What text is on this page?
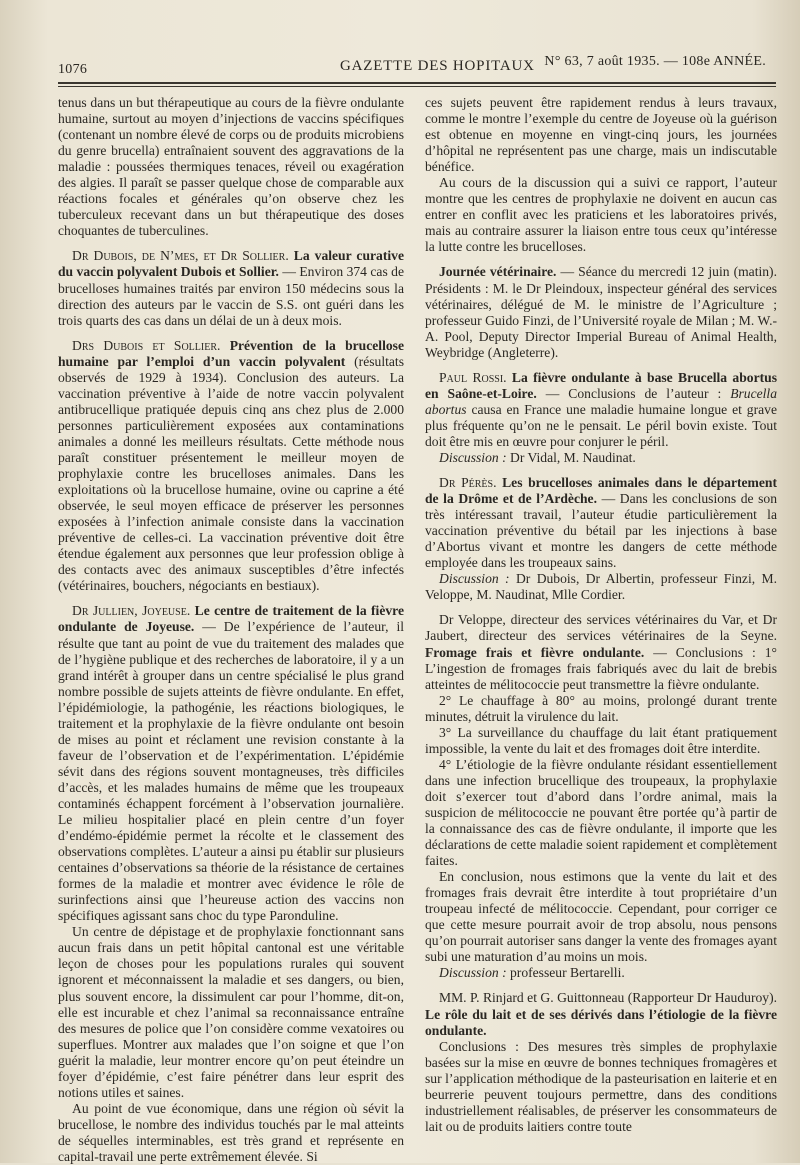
1076	GAZETTE DES HOPITAUX N° 63, 7 août 1935. — 108e ANNÉE.

tenus dans un but thérapeutique au cours de la fièvre ondulante humaine, surtout au moyen d’injections de vaccins spécifiques (contenant un nombre élevé de corps ou de produits microbiens du genre brucella) entraînaient souvent des aggravations de la maladie : poussées thermiques tenaces, réveil ou exagération des algies. Il paraît se passer quelque chose de comparable aux réactions focales et générales qu’on observe chez les tuberculeux recevant dans un but thérapeutique des doses choquantes de tuberculines.

Dr Dubois, de N’mes, et Dr Sollier. La valeur curative du vaccin polyvalent Dubois et Sollier. — Environ 374 cas de brucelloses humaines traités par environ 150 médecins sous la direction des auteurs par le vaccin de S.S. ont guéri dans les trois quarts des cas dans un délai de un à deux mois.

Drs Dubois et Sollier. Prévention de la brucellose humaine par l’emploi d’un vaccin polyvalent (résultats observés de 1929 à 1934). Conclusion des auteurs. La vaccination préventive à l’aide de notre vaccin polyvalent antibrucellique pratiquée depuis cinq ans chez plus de 2.000 personnes particulièrement exposées aux contaminations animales a donné les meilleurs résultats. Cette méthode nous paraît constituer présentement le meilleur moyen de prophylaxie contre les brucelloses animales. Dans les exploitations où la brucellose humaine, ovine ou caprine a été observée, le seul moyen efficace de préserver les personnes exposées à l’infection animale consiste dans la vaccination préventive de celles-ci. La vaccination préventive doit être étendue également aux personnes que leur profession oblige à des contacts avec des animaux susceptibles d’être infectés (vétérinaires, bouchers, négociants en bestiaux).

Dr Jullien, Joyeuse. Le centre de traitement de la fièvre ondulante de Joyeuse. — De l’expérience de l’auteur, il résulte que tant au point de vue du traitement des malades que de l’hygiène publique et des recherches de laboratoire, il y a un grand intérêt à grouper dans un centre spécialisé le plus grand nombre possible de sujets atteints de fièvre ondulante. En effet, l’épidémiologie, la pathogénie, les réactions biologiques, le traitement et la prophylaxie de la fièvre ondulante ont besoin de mises au point et réclament une revision constante à la faveur de l’observation et de l’expérimentation. L’épidémie sévit dans des régions souvent montagneuses, très difficiles d’accès, et les malades humains de même que les troupeaux contaminés échappent forcément à l’observation journalière. Le milieu hospitalier placé en plein centre d’un foyer d’endémo-épidémie permet la récolte et le classement des observations complètes. L’auteur a ainsi pu établir sur plusieurs centaines d’observations sa théorie de la résistance de certaines formes de la maladie et montrer avec évidence le rôle de surinfections ainsi que l’heureuse action des vaccins non spécifiques agissant sans choc du type Paronduline.

Un centre de dépistage et de prophylaxie fonctionnant sans aucun frais dans un petit hôpital cantonal est une véritable leçon de choses pour les populations rurales qui souvent ignorent et méconnaissent la maladie et ses dangers, ou bien, plus souvent encore, la dissimulent car pour l’homme, dit-on, elle est incurable et chez l’animal sa reconnaissance entraîne des mesures de police que l’on considère comme vexatoires ou superflues. Montrer aux malades que l’on soigne et que l’on guérit la maladie, leur montrer encore qu’on peut éteindre un foyer d’épidémie, c’est faire pénétrer dans leur esprit des notions utiles et saines.

Au point de vue économique, dans une région où sévit la brucellose, le nombre des individus touchés par le mal atteints de séquelles interminables, est très grand et représente en capital-travail une perte extrêmement élevée. Si

ces sujets peuvent être rapidement rendus à leurs travaux, comme le montre l’exemple du centre de Joyeuse où la guérison est obtenue en moyenne en vingt-cinq jours, les journées d’hôpital ne représentent pas une charge, mais un indiscutable bénéfice.

Au cours de la discussion qui a suivi ce rapport, l’auteur montre que les centres de prophylaxie ne doivent en aucun cas entrer en conflit avec les praticiens et les laboratoires privés, mais au contraire assurer la liaison entre tous ceux qu’intéresse la lutte contre les brucelloses.

Journée vétérinaire. — Séance du mercredi 12 juin (matin). Présidents : M. le Dr Pleindoux, inspecteur général des services vétérinaires, délégué de M. le ministre de l’Agriculture ; professeur Guido Finzi, de l’Université royale de Milan ; M. W.-A. Pool, Deputy Director Imperial Bureau of Animal Health, Weybridge (Angleterre).

Paul Rossi. La fièvre ondulante à base Brucella abortus en Saône-et-Loire. — Conclusions de l’auteur : Brucella abortus causa en France une maladie humaine longue et grave plus fréquente qu’on ne le pensait. Le péril bovin existe. Tout doit être mis en œuvre pour conjurer le péril.

Discussion : Dr Vidal, M. Naudinat.

Dr Pérès. Les brucelloses animales dans le département de la Drôme et de l’Ardèche. — Dans les conclusions de son très intéressant travail, l’auteur étudie particulièrement la vaccination préventive du bétail par les injections à base d’Abortus vivant et montre les dangers de cette méthode employée dans les troupeaux sains.

Discussion : Dr Dubois, Dr Albertin, professeur Finzi, M. Veloppe, M. Naudinat, Mlle Cordier.

Dr Veloppe, directeur des services vétérinaires du Var, et Dr Jaubert, directeur des services vétérinaires de la Seyne. Fromage frais et fièvre ondulante. — Conclusions : 1° L’ingestion de fromages frais fabriqués avec du lait de brebis atteintes de mélitococcie peut transmettre la fièvre ondulante.

2° Le chauffage à 80° au moins, prolongé durant trente minutes, détruit la virulence du lait.

3° La surveillance du chauffage du lait étant pratiquement impossible, la vente du lait et des fromages doit être interdite.

4° L’étiologie de la fièvre ondulante résidant essentiellement dans une infection brucellique des troupeaux, la prophylaxie doit s’exercer tout d’abord dans l’ordre animal, mais la suspicion de mélitococcie ne pouvant être portée qu’à partir de la connaissance des cas de fièvre ondulante, il importe que les déclarations de cette maladie soient rapidement et complètement faites.

En conclusion, nous estimons que la vente du lait et des fromages frais devrait être interdite à tout propriétaire d’un troupeau infecté de mélitococcie. Cependant, pour corriger ce que cette mesure pourrait avoir de trop absolu, nous pensons qu’on pourrait autoriser sans danger la vente des fromages ayant subi une maturation d’au moins un mois.

Discussion : professeur Bertarelli.

MM. P. Rinjard et G. Guittonneau (Rapporteur Dr Hauduroy). Le rôle du lait et de ses dérivés dans l’étiologie de la fièvre ondulante.

Conclusions : Des mesures très simples de prophylaxie basées sur la mise en œuvre de bonnes techniques fromagères et sur l’application méthodique de la pasteurisation en laiterie et en beurrerie peuvent toujours permettre, dans des conditions industriellement réalisables, de préserver les consommateurs de lait ou de produits laitiers contre toute
